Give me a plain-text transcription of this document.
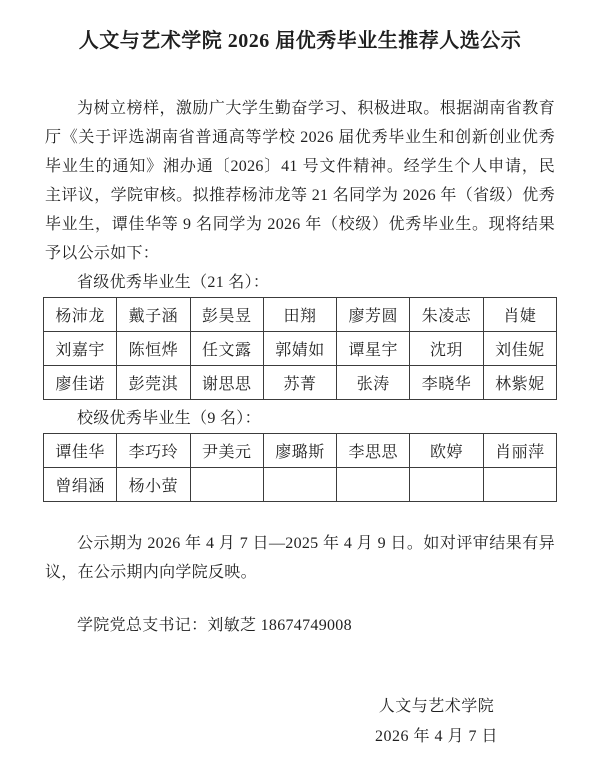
人文与艺术学院 2026 届优秀毕业生推荐人选公示

为树立榜样，激励广大学生勤奋学习、积极进取。根据湖南省教育厅《关于评选湖南省普通高等学校 2026 届优秀毕业生和创新创业优秀毕业生的通知》湘办通〔2026〕41 号文件精神。经学生个人申请，民主评议，学院审核。拟推荐杨沛龙等 21 名同学为 2026 年（省级）优秀毕业生，谭佳华等 9 名同学为 2026 年（校级）优秀毕业生。现将结果予以公示如下：

省级优秀毕业生（21 名）：
杨沛龙	戴子涵	彭昊昱	田翔	廖芳圆	朱凌志	肖婕
刘嘉宇	陈恒烨	任文露	郭婧如	谭星宇	沈玥	刘佳妮
廖佳诺	彭莞淇	谢思思	苏菁	张涛	李晓华	林紫妮
校级优秀毕业生（9 名）：
谭佳华	李巧玲	尹美元	廖璐斯	李思思	欧婷	肖丽萍
曾绢涵	杨小萤					

公示期为 2026 年 4 月 7 日—2025 年 4 月 9 日。如对评审结果有异议，在公示期内向学院反映。

学院党总支书记：刘敏芝 18674749008

人文与艺术学院
2026 年 4 月 7 日
